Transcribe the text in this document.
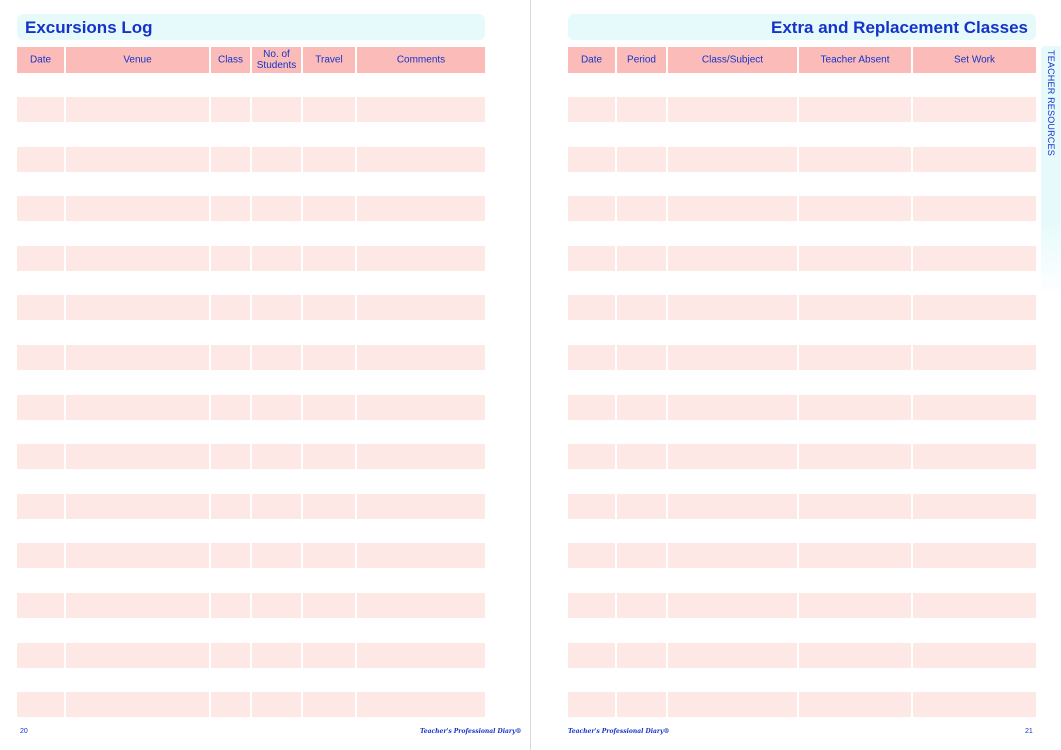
Excursions Log
Date	Venue	Class	No. of Students	Travel	Comments
20	Teacher's Professional Diary®
Extra and Replacement Classes
Date	Period	Class/Subject	Teacher Absent	Set Work
Teacher's Professional Diary®	21
TEACHER RESOURCES
